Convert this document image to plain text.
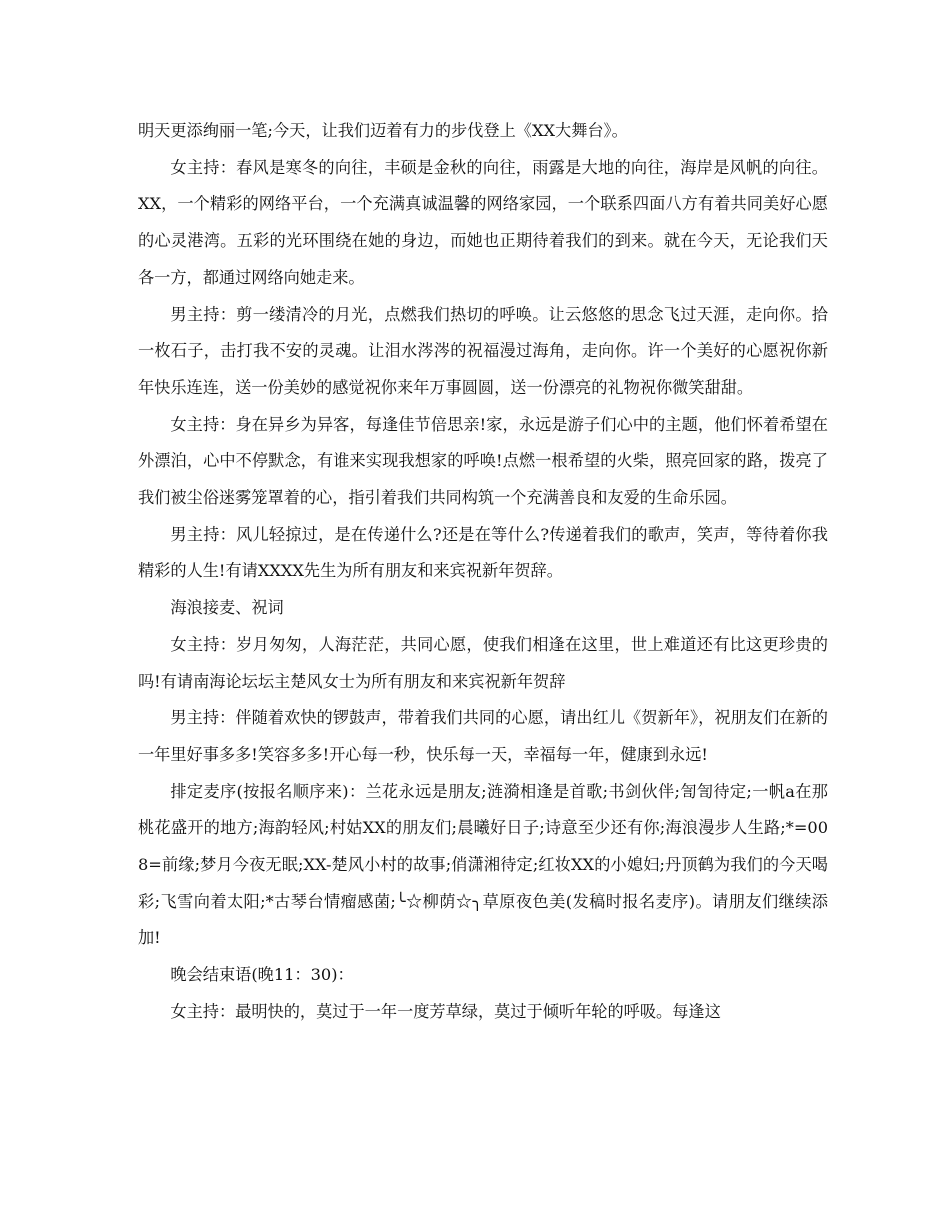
明天更添绚丽一笔;今天，让我们迈着有力的步伐登上《XX大舞台》。

女主持：春风是寒冬的向往，丰硕是金秋的向往，雨露是大地的向往，海岸是风帆的向往。XX，一个精彩的网络平台，一个充满真诚温馨的网络家园，一个联系四面八方有着共同美好心愿的心灵港湾。五彩的光环围绕在她的身边，而她也正期待着我们的到来。就在今天，无论我们天各一方，都通过网络向她走来。

男主持：剪一缕清冷的月光，点燃我们热切的呼唤。让云悠悠的思念飞过天涯，走向你。拾一枚石子，击打我不安的灵魂。让泪水涔涔的祝福漫过海角，走向你。许一个美好的心愿祝你新年快乐连连，送一份美妙的感觉祝你来年万事圆圆，送一份漂亮的礼物祝你微笑甜甜。

女主持：身在异乡为异客，每逢佳节倍思亲!家，永远是游子们心中的主题，他们怀着希望在外漂泊，心中不停默念，有谁来实现我想家的呼唤!点燃一根希望的火柴，照亮回家的路，拨亮了我们被尘俗迷雾笼罩着的心，指引着我们共同构筑一个充满善良和友爱的生命乐园。

男主持：风儿轻掠过，是在传递什么?还是在等什么?传递着我们的歌声，笑声，等待着你我精彩的人生!有请XXXX先生为所有朋友和来宾祝新年贺辞。

海浪接麦、祝词

女主持：岁月匆匆，人海茫茫，共同心愿，使我们相逢在这里，世上难道还有比这更珍贵的吗!有请南海论坛坛主楚风女士为所有朋友和来宾祝新年贺辞

男主持：伴随着欢快的锣鼓声，带着我们共同的心愿，请出红儿《贺新年》，祝朋友们在新的一年里好事多多!笑容多多!开心每一秒，快乐每一天，幸福每一年，健康到永远!

排定麦序(按报名顺序来)：兰花永远是朋友;涟漪相逢是首歌;书剑伙伴;訇訇待定;一帆a在那桃花盛开的地方;海韵轻风;村姑XX的朋友们;晨曦好日子;诗意至少还有你;海浪漫步人生路;*=008=前缘;梦月今夜无眠;XX-楚风小村的故事;俏潇湘待定;红妆XX的小媳妇;丹顶鹤为我们的今天喝彩;飞雪向着太阳;*古琴台情瘤感菌;╰☆柳荫☆╮草原夜色美(发稿时报名麦序)。请朋友们继续添加!

晚会结束语(晚11：30)：

女主持：最明快的，莫过于一年一度芳草绿，莫过于倾听年轮的呼吸。每逢这
